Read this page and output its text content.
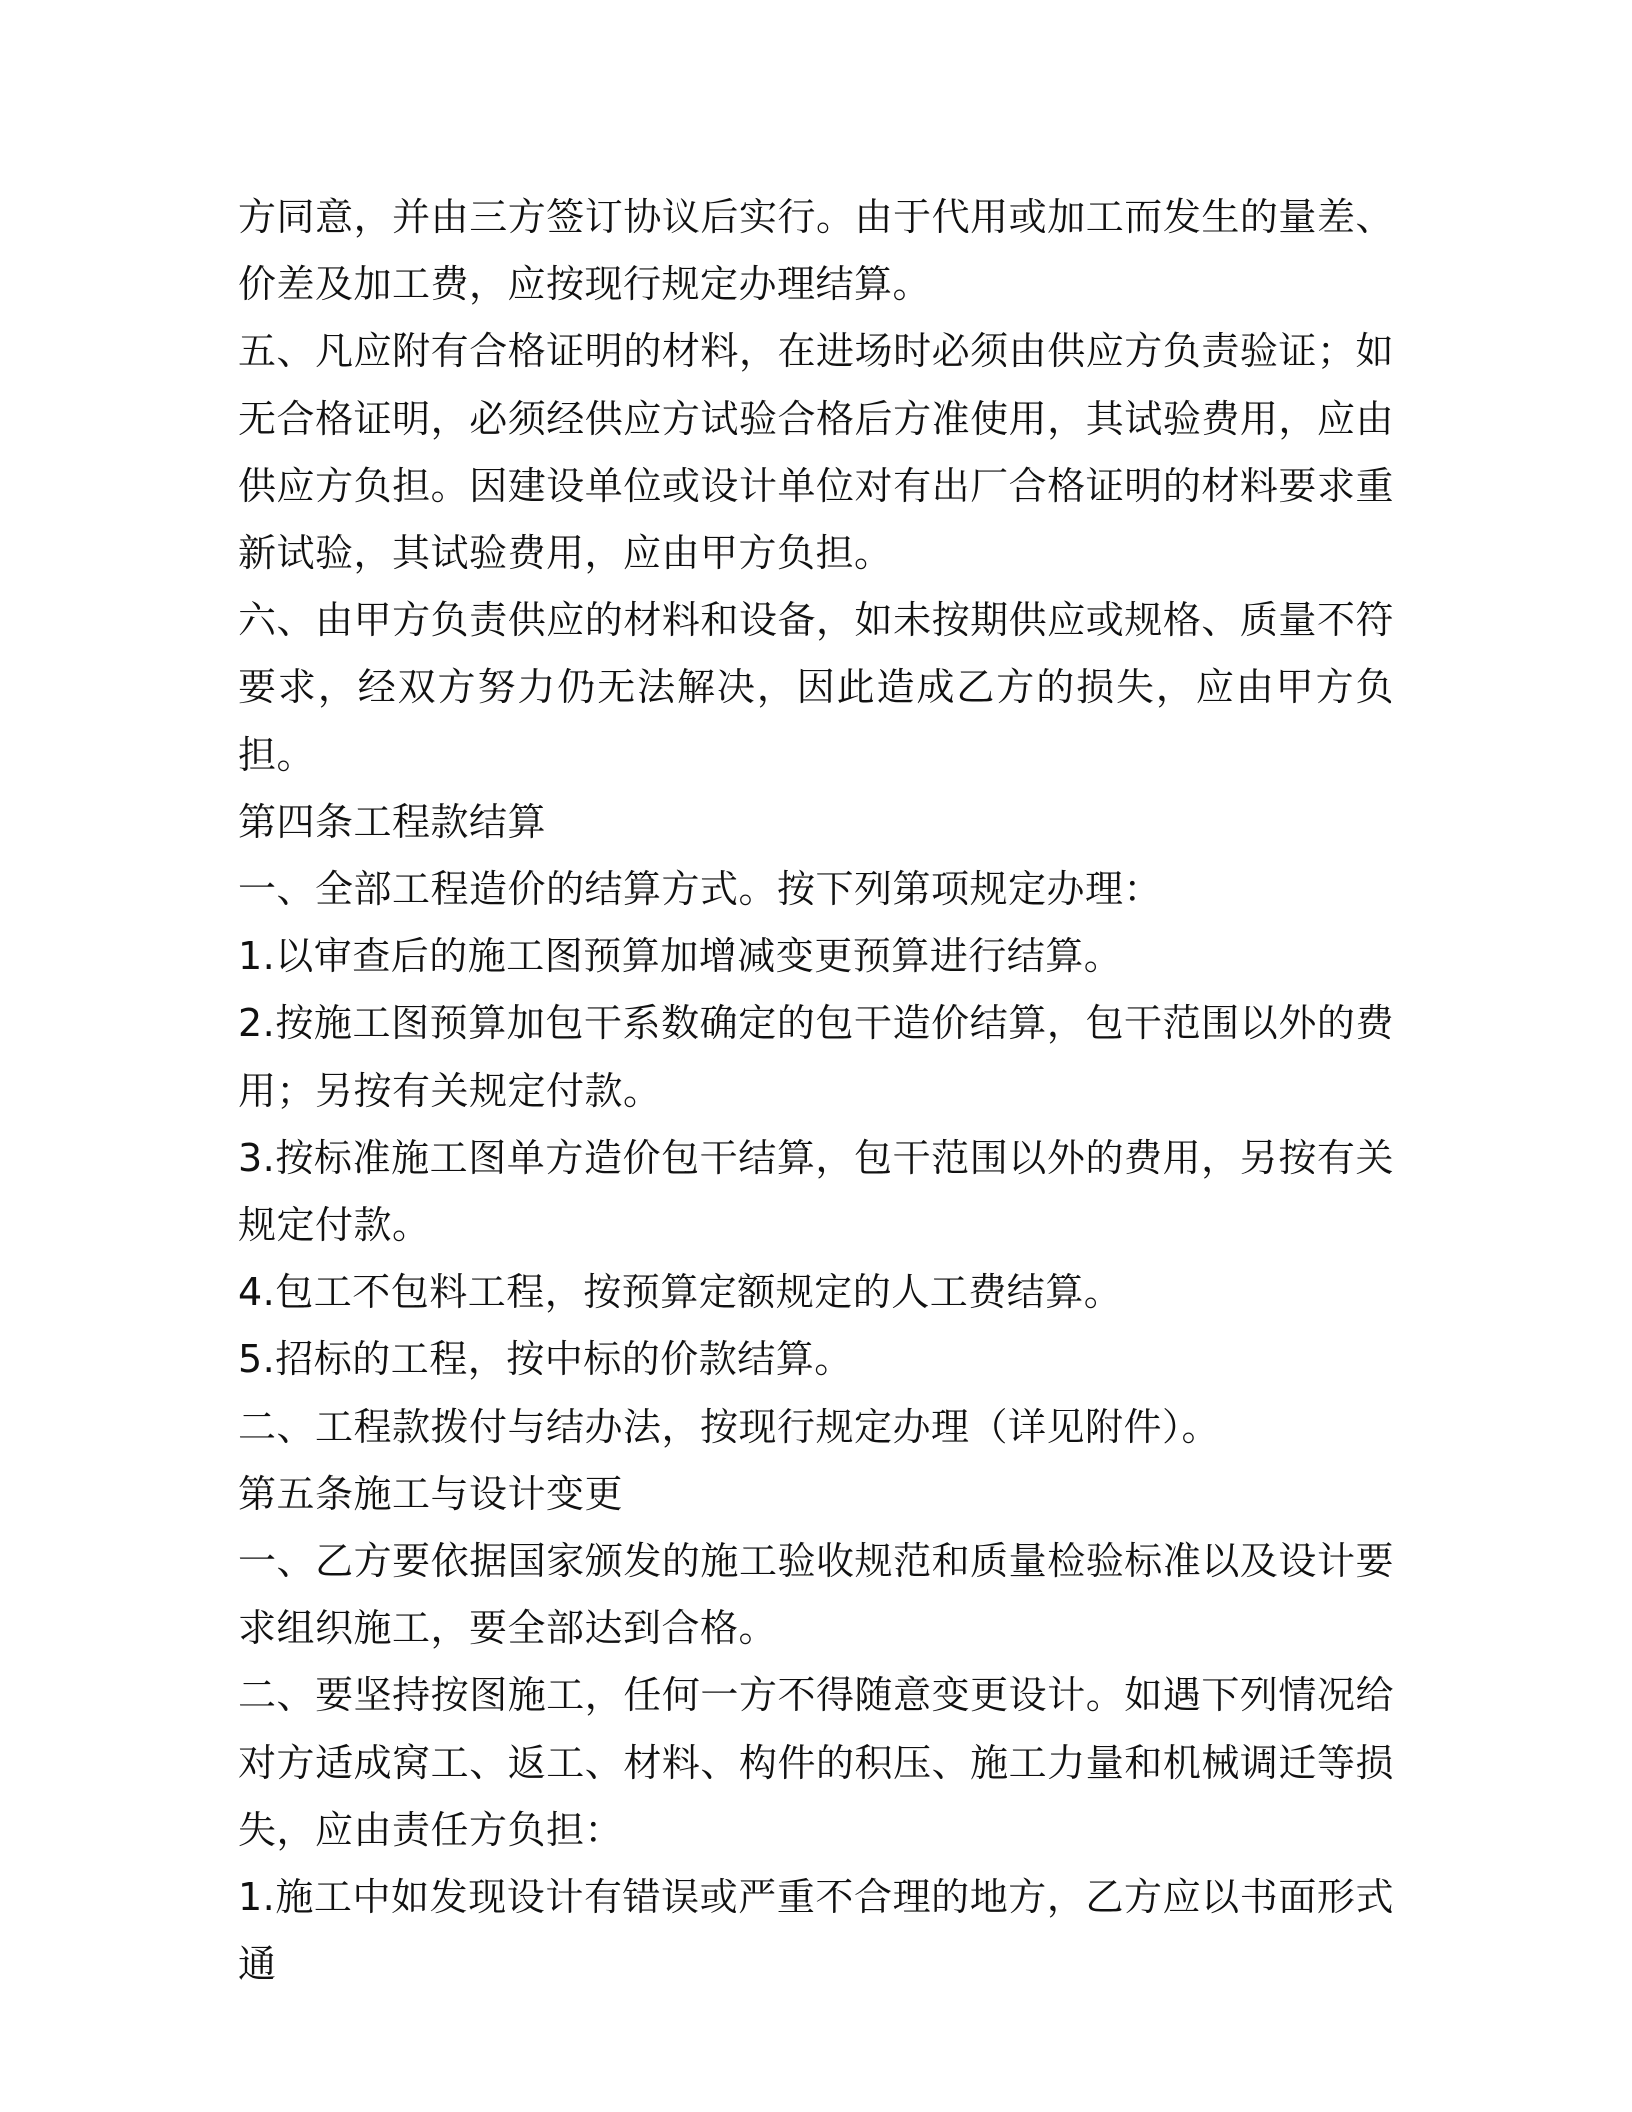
方同意，并由三方签订协议后实行。由于代用或加工而发生的量差、价差及加工费，应按现行规定办理结算。

五、凡应附有合格证明的材料，在进场时必须由供应方负责验证；如无合格证明，必须经供应方试验合格后方准使用，其试验费用，应由供应方负担。因建设单位或设计单位对有出厂合格证明的材料要求重新试验，其试验费用，应由甲方负担。

六、由甲方负责供应的材料和设备，如未按期供应或规格、质量不符要求，经双方努力仍无法解决，因此造成乙方的损失，应由甲方负担。

第四条工程款结算

一、全部工程造价的结算方式。按下列第项规定办理：

1.以审查后的施工图预算加增减变更预算进行结算。

2.按施工图预算加包干系数确定的包干造价结算，包干范围以外的费用；另按有关规定付款。

3.按标准施工图单方造价包干结算，包干范围以外的费用，另按有关规定付款。

4.包工不包料工程，按预算定额规定的人工费结算。

5.招标的工程，按中标的价款结算。

二、工程款拨付与结办法，按现行规定办理（详见附件）。

第五条施工与设计变更

一、乙方要依据国家颁发的施工验收规范和质量检验标准以及设计要求组织施工，要全部达到合格。

二、要坚持按图施工，任何一方不得随意变更设计。如遇下列情况给对方适成窝工、返工、材料、构件的积压、施工力量和机械调迁等损失，应由责任方负担：

1.施工中如发现设计有错误或严重不合理的地方，乙方应以书面形式通
